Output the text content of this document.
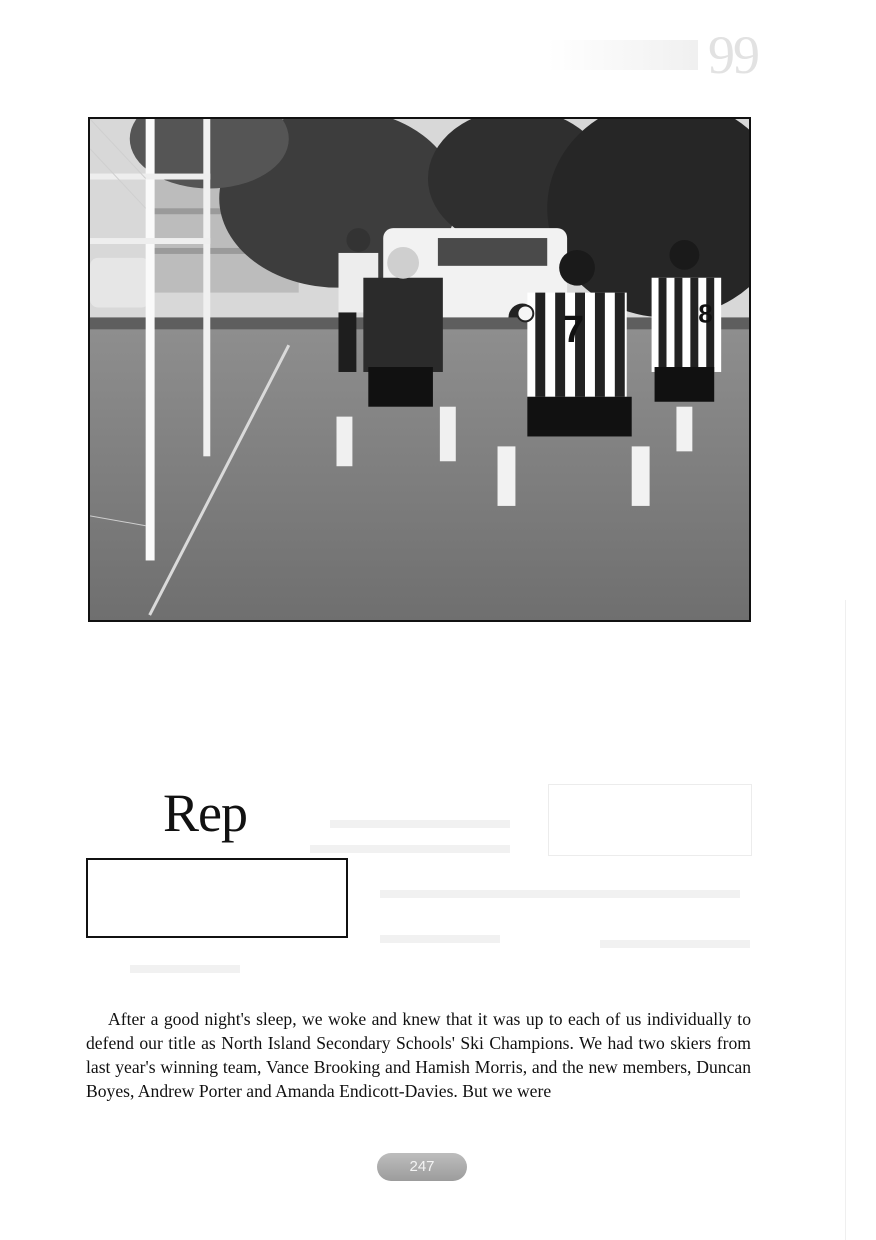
99
7	8

Rep

After a good night's sleep, we woke and knew that it was up to each of us individually to defend our title as North Island Secondary Schools' Ski Champions. We had two skiers from last year's winning team, Vance Brooking and Hamish Morris, and the new members, Duncan Boyes, Andrew Porter and Amanda Endicott-Davies. But we were

247
